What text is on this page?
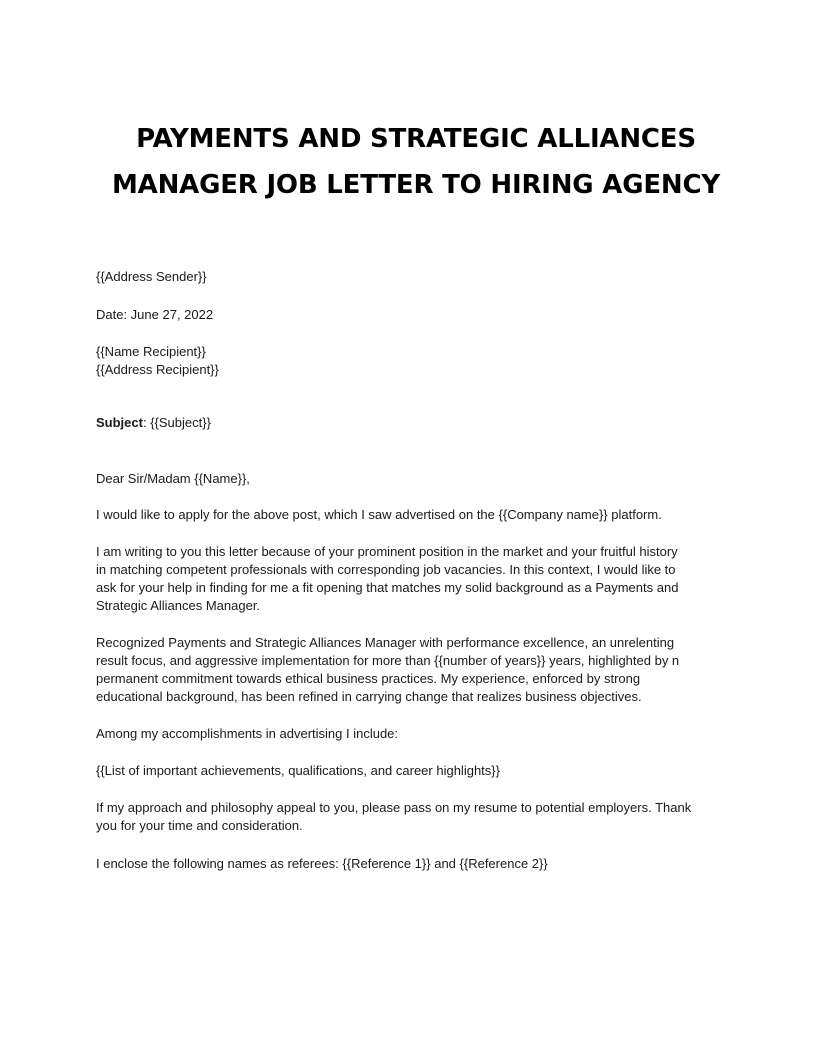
PAYMENTS AND STRATEGIC ALLIANCES
MANAGER JOB LETTER TO HIRING AGENCY
{{Address Sender}}
Date: June 27, 2022
{{Name Recipient}}
{{Address Recipient}}
Subject: {{Subject}}
Dear Sir/Madam {{Name}},
I would like to apply for the above post, which I saw advertised on the {{Company name}} platform.
I am writing to you this letter because of your prominent position in the market and your fruitful history
in matching competent professionals with corresponding job vacancies. In this context, I would like to
ask for your help in finding for me a fit opening that matches my solid background as a Payments and
Strategic Alliances Manager.
Recognized Payments and Strategic Alliances Manager with performance excellence, an unrelenting
result focus, and aggressive implementation for more than {{number of years}} years, highlighted by n
permanent commitment towards ethical business practices. My experience, enforced by strong
educational background, has been refined in carrying change that realizes business objectives.
Among my accomplishments in advertising I include:
{{List of important achievements, qualifications, and career highlights}}
If my approach and philosophy appeal to you, please pass on my resume to potential employers. Thank
you for your time and consideration.
I enclose the following names as referees: {{Reference 1}} and {{Reference 2}}
